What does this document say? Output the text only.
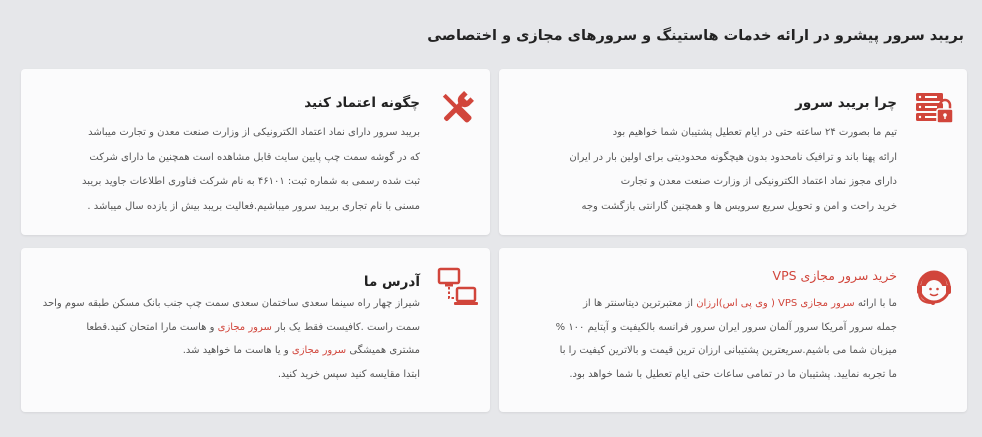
بریبد سرور پیشرو در ارائه خدمات هاستینگ و سرورهای مجازی و اختصاصی
چرا بریبد سرور
تیم ما بصورت ۲۴ ساعته حتی در ایام تعطیل پشتیبان شما خواهیم بود
ارائه پهنا باند و ترافیک نامحدود بدون هیچگونه محدودیتی برای اولین بار در ایران
دارای مجوز نماد اعتماد الکترونیکی از وزارت صنعت معدن و تجارت
خرید راحت و امن و تحویل سریع سرویس ها و همچنین گارانتی بازگشت وجه
چگونه اعتماد کنید
بریبد سرور دارای نماد اعتماد الکترونیکی از وزارت صنعت معدن و تجارت میباشد
که در گوشه سمت چپ پایین سایت قابل مشاهده است همچنین ما دارای شرکت
ثبت شده رسمی به شماره ثبت: ۴۶۱۰۱ به نام شرکت فناوری اطلاعات جاوید بریبد
مسنی با نام تجاری بریبد سرور میباشیم.فعالیت بریبد بیش از یازده سال میباشد .
خرید سرور مجازی VPS
ما با ارائه سرور مجازی VPS ( وی پی اس)ارزان از معتبرترین دیتاسنتر ها از
جمله سرور آمریکا سرور آلمان سرور ایران سرور فرانسه بالکیفیت و آپتایم ۱۰۰ %
میزبان شما می باشیم.سریعترین پشتیبانی ارزان ترین قیمت و بالاترین کیفیت را با
ما تجربه نمایید. پشتیبان ما در تمامی ساعات حتی ایام تعطیل با شما خواهد بود.
آدرس ما
شیراز چهار راه سینما سعدی ساختمان سعدی سمت چپ جنب بانک مسکن طبقه سوم واحد
سمت راست .کافیست فقط یک بار سرور مجازی و هاست مارا امتحان کنید.قطعا
مشتری همیشگی سرور مجازی و یا هاست ما خواهید شد.
ابتدا مقایسه کنید سپس خرید کنید.
